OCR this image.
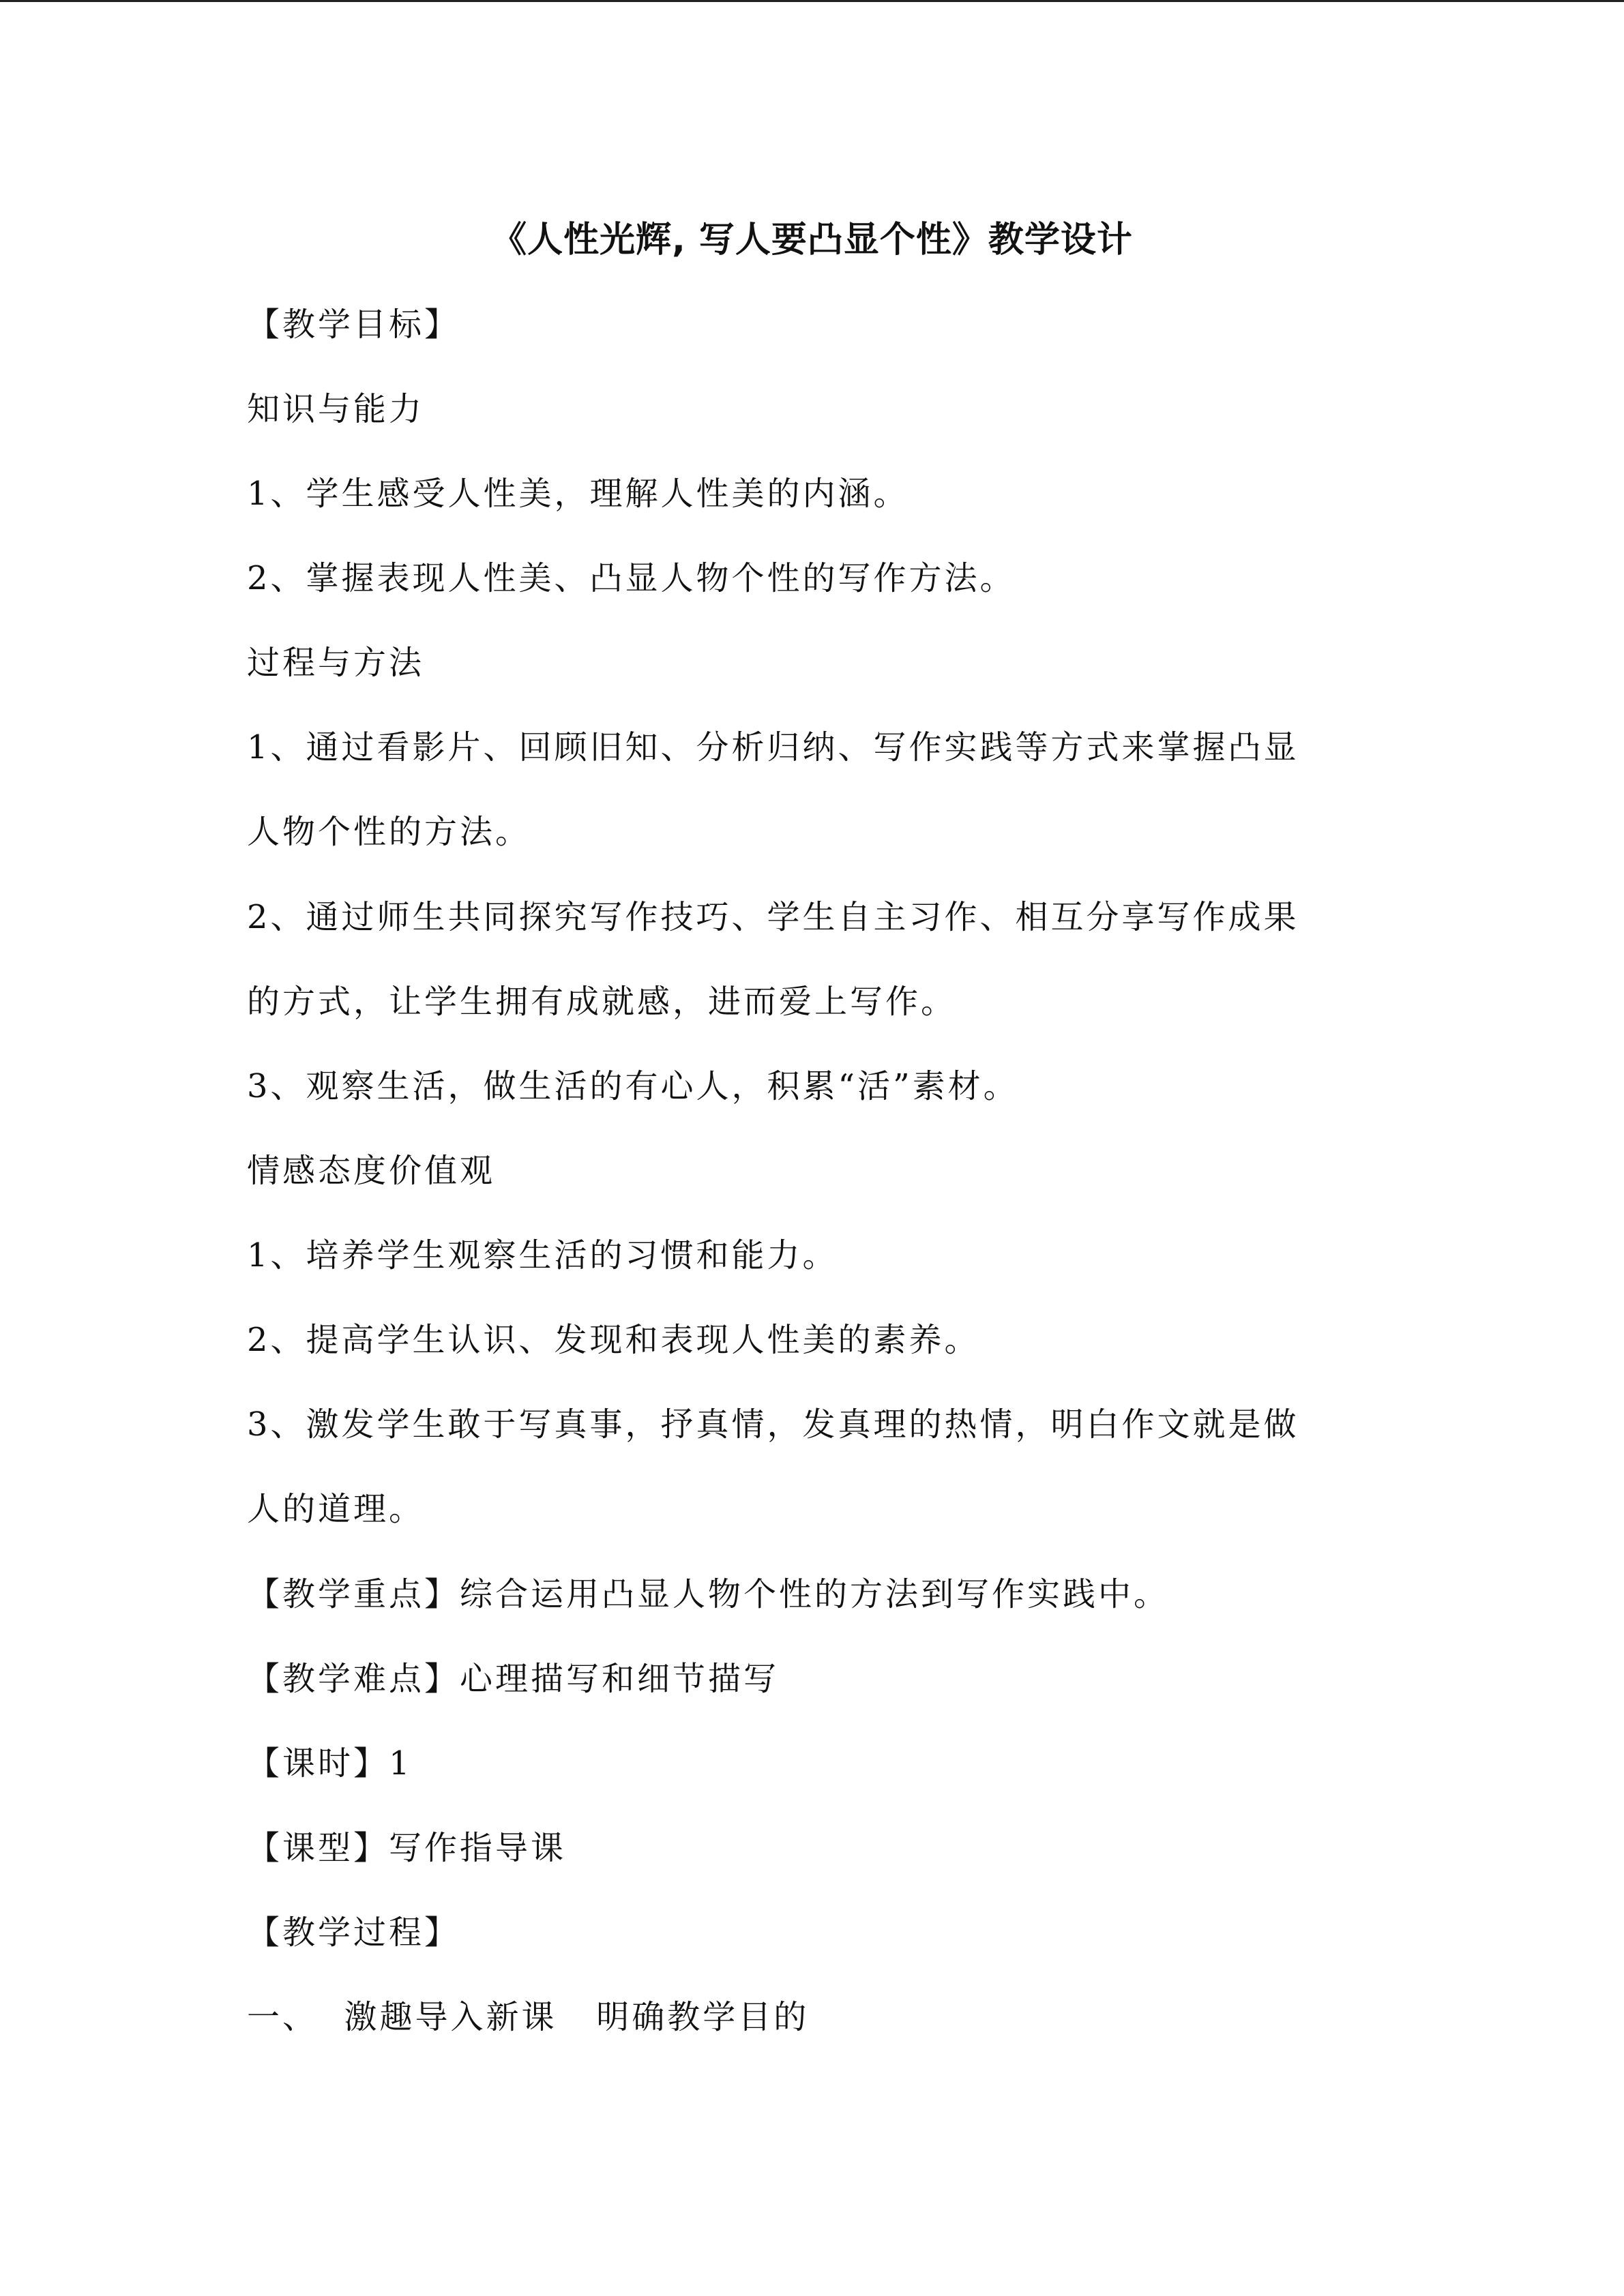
《人性光辉, 写人要凸显个性》教学设计
【教学目标】
知识与能力
1、学生感受人性美，理解人性美的内涵。
2、掌握表现人性美、凸显人物个性的写作方法。
过程与方法
1、通过看影片、回顾旧知、分析归纳、写作实践等方式来掌握凸显
人物个性的方法。
2、通过师生共同探究写作技巧、学生自主习作、相互分享写作成果
的方式，让学生拥有成就感，进而爱上写作。
3、观察生活，做生活的有心人，积累“活”素材。
情感态度价值观
1、培养学生观察生活的习惯和能力。
2、提高学生认识、发现和表现人性美的素养。
3、激发学生敢于写真事，抒真情，发真理的热情，明白作文就是做
人的道理。
【教学重点】综合运用凸显人物个性的方法到写作实践中。
【教学难点】心理描写和细节描写
【课时】1
【课型】写作指导课
【教学过程】
一、  激趣导入新课   明确教学目的
